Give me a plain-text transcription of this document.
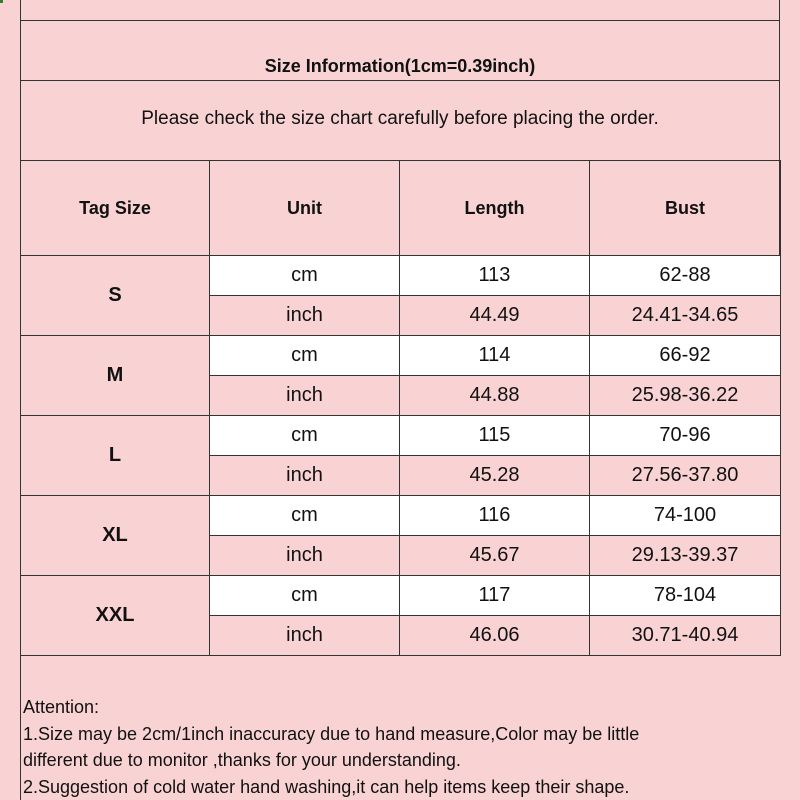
Size Information(1cm=0.39inch)
Please check the size chart carefully before placing the order.
Tag Size	Unit	Length	Bust
S	cm	113	62-88
	inch	44.49	24.41-34.65
M	cm	114	66-92
	inch	44.88	25.98-36.22
L	cm	115	70-96
	inch	45.28	27.56-37.80
XL	cm	116	74-100
	inch	45.67	29.13-39.37
XXL	cm	117	78-104
	inch	46.06	30.71-40.94
Attention:
1.Size may be 2cm/1inch inaccuracy due to hand measure,Color may be little
different due to monitor ,thanks for your understanding.
2.Suggestion of cold water hand washing,it can help items keep their shape.
